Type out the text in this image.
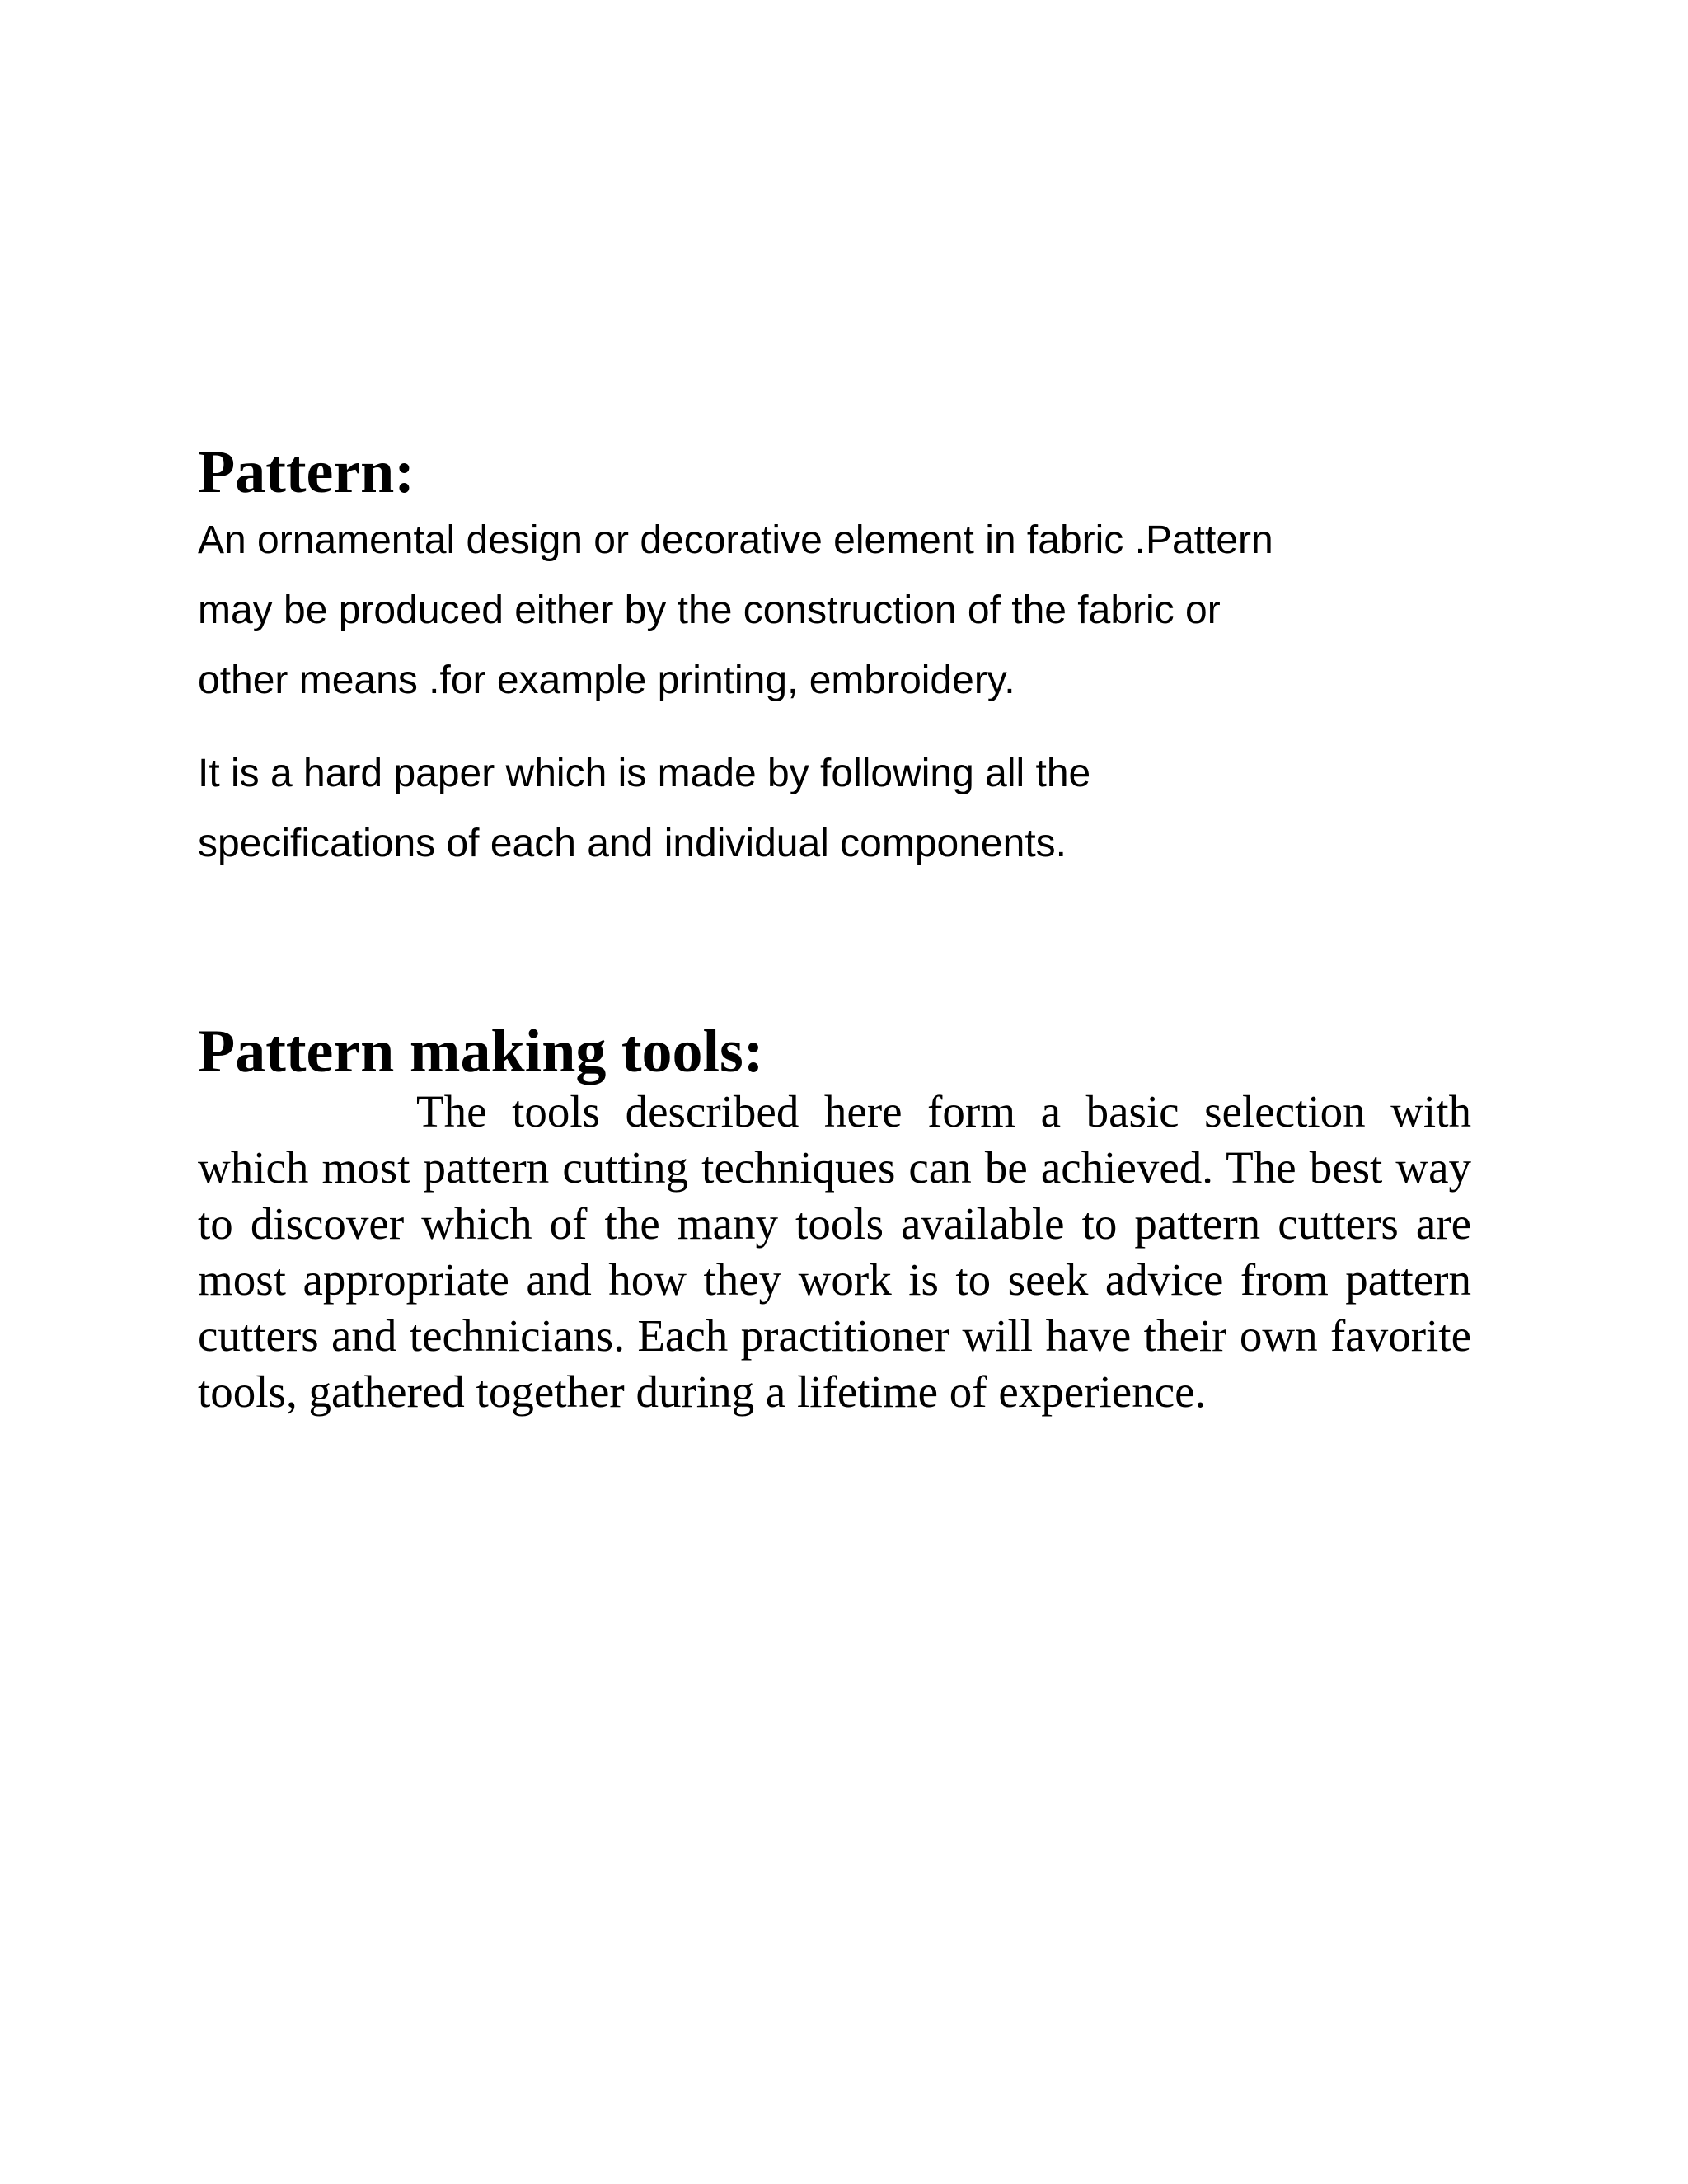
Pattern:

An ornamental design or decorative element in fabric .Pattern
may be produced either by the construction of the fabric or
other means .for example printing, embroidery.

It is a hard paper which is made by following all the
specifications of each and individual components.

Pattern making tools:

The tools described here form a basic selection with which most pattern cutting techniques can be achieved. The best way to discover which of the many tools available to pattern cutters are most appropriate and how they work is to seek advice from pattern cutters and technicians. Each practitioner will have their own favorite tools, gathered together during a lifetime of experience.
